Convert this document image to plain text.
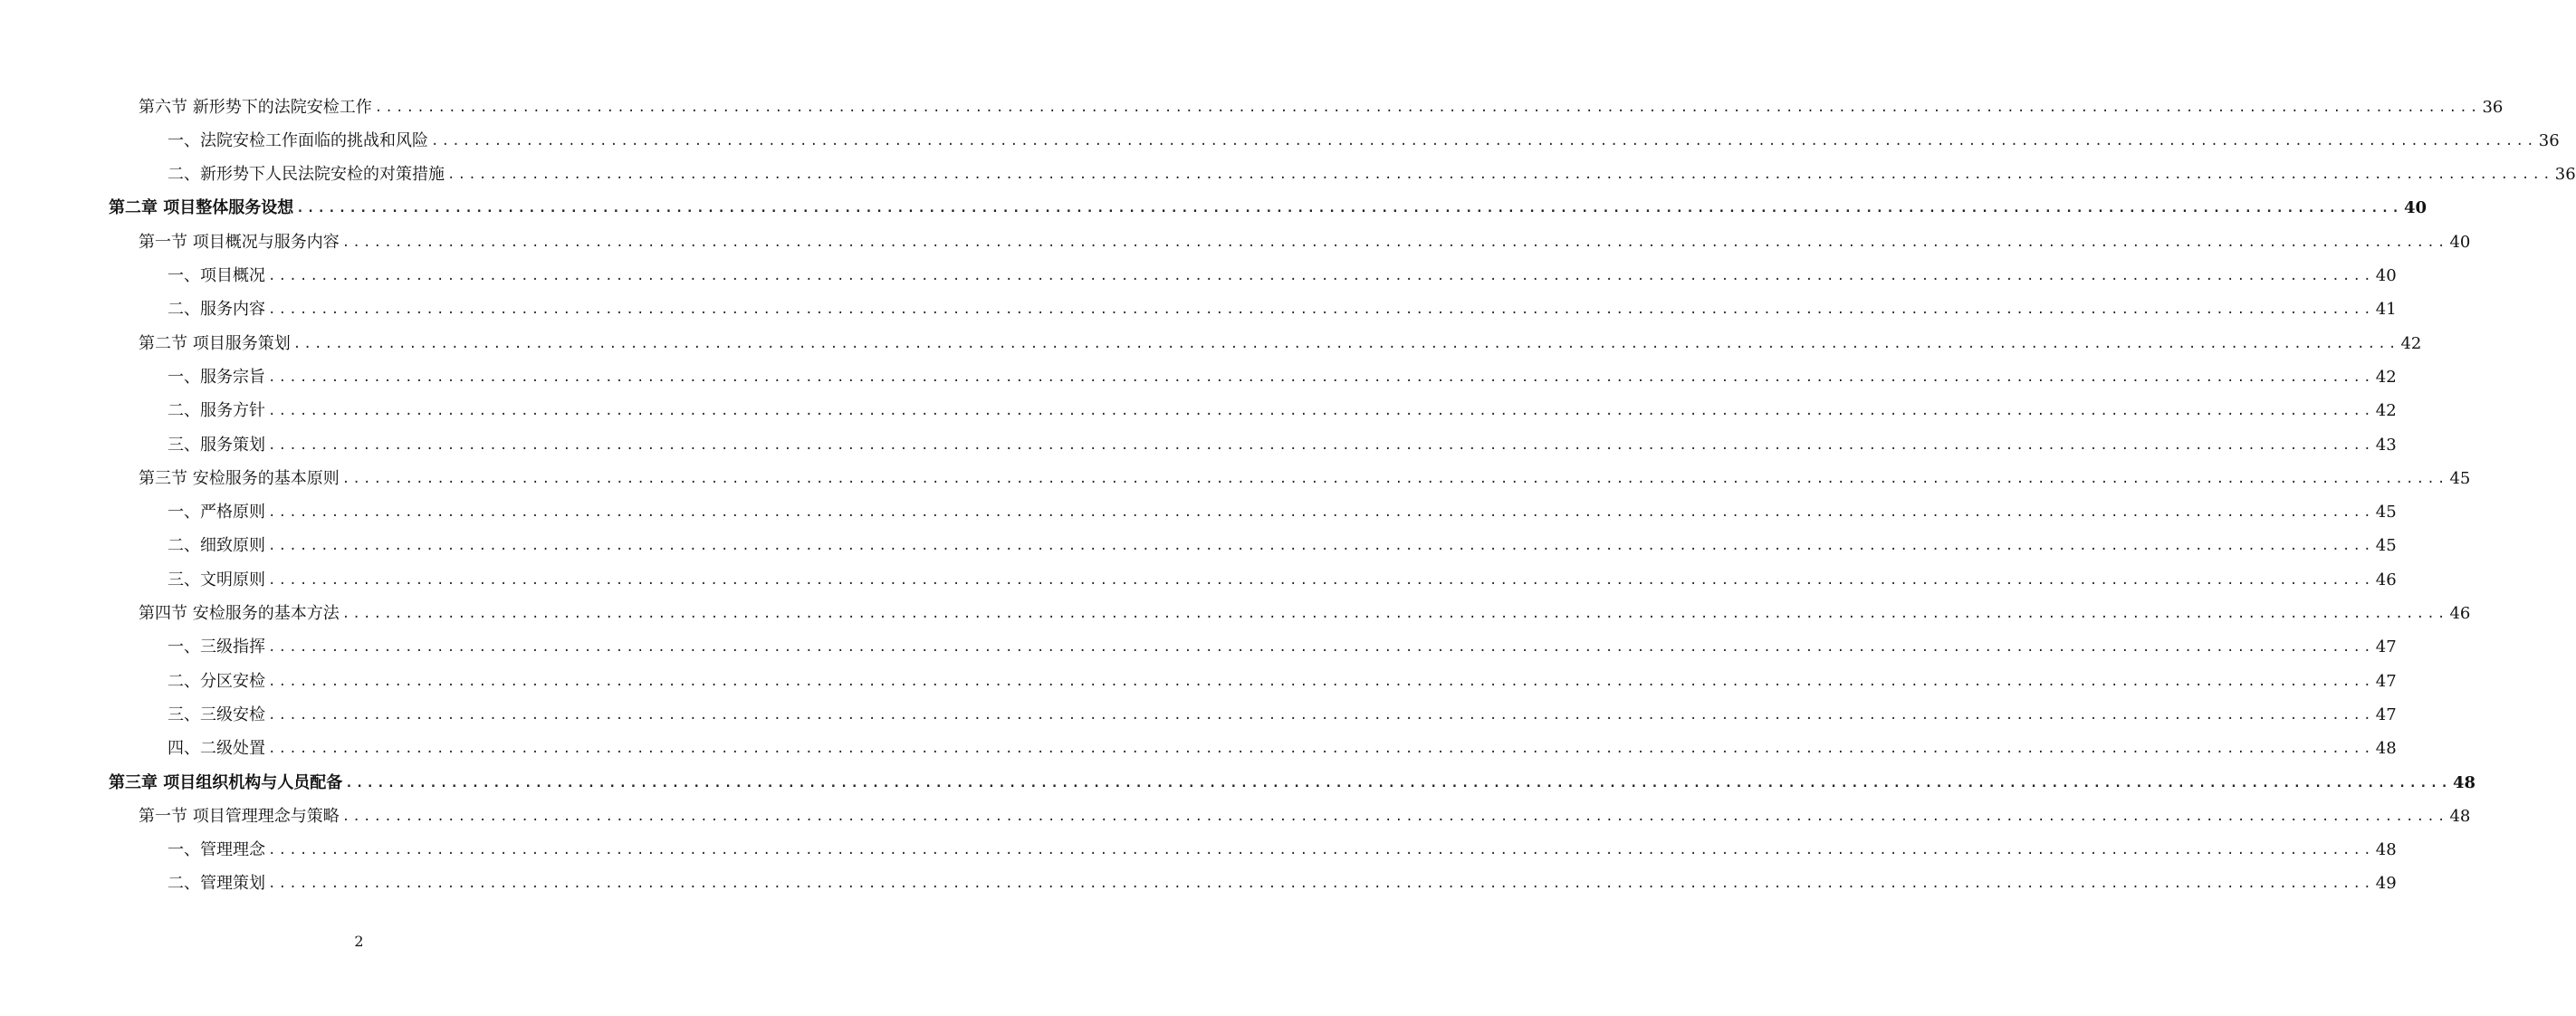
第六节 新形势下的法院安检工作 ........................................................................................................................................................................................................ 36
一、法院安检工作面临的挑战和风险 ........................................................................................................................................................................................................ 36
二、新形势下人民法院安检的对策措施 ........................................................................................................................................................................................................ 36
第二章 项目整体服务设想 ........................................................................................................................................................................................................ 40
第一节 项目概况与服务内容 ........................................................................................................................................................................................................ 40
一、项目概况 ........................................................................................................................................................................................................ 40
二、服务内容 ........................................................................................................................................................................................................ 41
第二节 项目服务策划 ........................................................................................................................................................................................................ 42
一、服务宗旨 ........................................................................................................................................................................................................ 42
二、服务方针 ........................................................................................................................................................................................................ 42
三、服务策划 ........................................................................................................................................................................................................ 43
第三节 安检服务的基本原则 ........................................................................................................................................................................................................ 45
一、严格原则 ........................................................................................................................................................................................................ 45
二、细致原则 ........................................................................................................................................................................................................ 45
三、文明原则 ........................................................................................................................................................................................................ 46
第四节 安检服务的基本方法 ........................................................................................................................................................................................................ 46
一、三级指挥 ........................................................................................................................................................................................................ 47
二、分区安检 ........................................................................................................................................................................................................ 47
三、三级安检 ........................................................................................................................................................................................................ 47
四、二级处置 ........................................................................................................................................................................................................ 48
第三章 项目组织机构与人员配备 ........................................................................................................................................................................................................ 48
第一节 项目管理理念与策略 ........................................................................................................................................................................................................ 48
一、管理理念 ........................................................................................................................................................................................................ 48
二、管理策划 ........................................................................................................................................................................................................ 49
2
